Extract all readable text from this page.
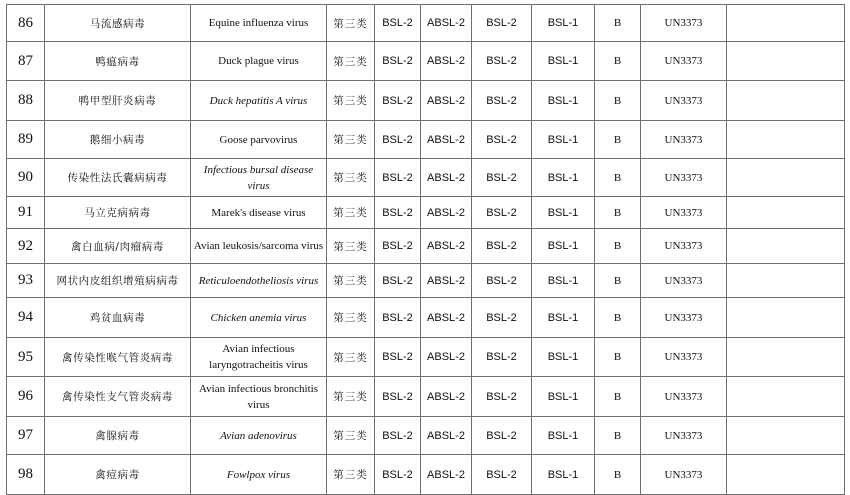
86	马流感病毒	Equine influenza virus	第三类	BSL-2	ABSL-2	BSL-2	BSL-1	B	UN3373	
87	鸭瘟病毒	Duck plague virus	第三类	BSL-2	ABSL-2	BSL-2	BSL-1	B	UN3373	
88	鸭甲型肝炎病毒	Duck hepatitis A virus	第三类	BSL-2	ABSL-2	BSL-2	BSL-1	B	UN3373	
89	鹅细小病毒	Goose parvovirus	第三类	BSL-2	ABSL-2	BSL-2	BSL-1	B	UN3373	
90	传染性法氏囊病病毒	Infectious bursal disease virus	第三类	BSL-2	ABSL-2	BSL-2	BSL-1	B	UN3373	
91	马立克病病毒	Marek's disease virus	第三类	BSL-2	ABSL-2	BSL-2	BSL-1	B	UN3373	
92	禽白血病/肉瘤病毒	Avian leukosis/sarcoma virus	第三类	BSL-2	ABSL-2	BSL-2	BSL-1	B	UN3373	
93	网状内皮组织增殖病病毒	Reticuloendotheliosis virus	第三类	BSL-2	ABSL-2	BSL-2	BSL-1	B	UN3373	
94	鸡贫血病毒	Chicken anemia virus	第三类	BSL-2	ABSL-2	BSL-2	BSL-1	B	UN3373	
95	禽传染性喉气管炎病毒	Avian infectious laryngotracheitis virus	第三类	BSL-2	ABSL-2	BSL-2	BSL-1	B	UN3373	
96	禽传染性支气管炎病毒	Avian infectious bronchitis virus	第三类	BSL-2	ABSL-2	BSL-2	BSL-1	B	UN3373	
97	禽腺病毒	Avian adenovirus	第三类	BSL-2	ABSL-2	BSL-2	BSL-1	B	UN3373	
98	禽痘病毒	Fowlpox virus	第三类	BSL-2	ABSL-2	BSL-2	BSL-1	B	UN3373	
